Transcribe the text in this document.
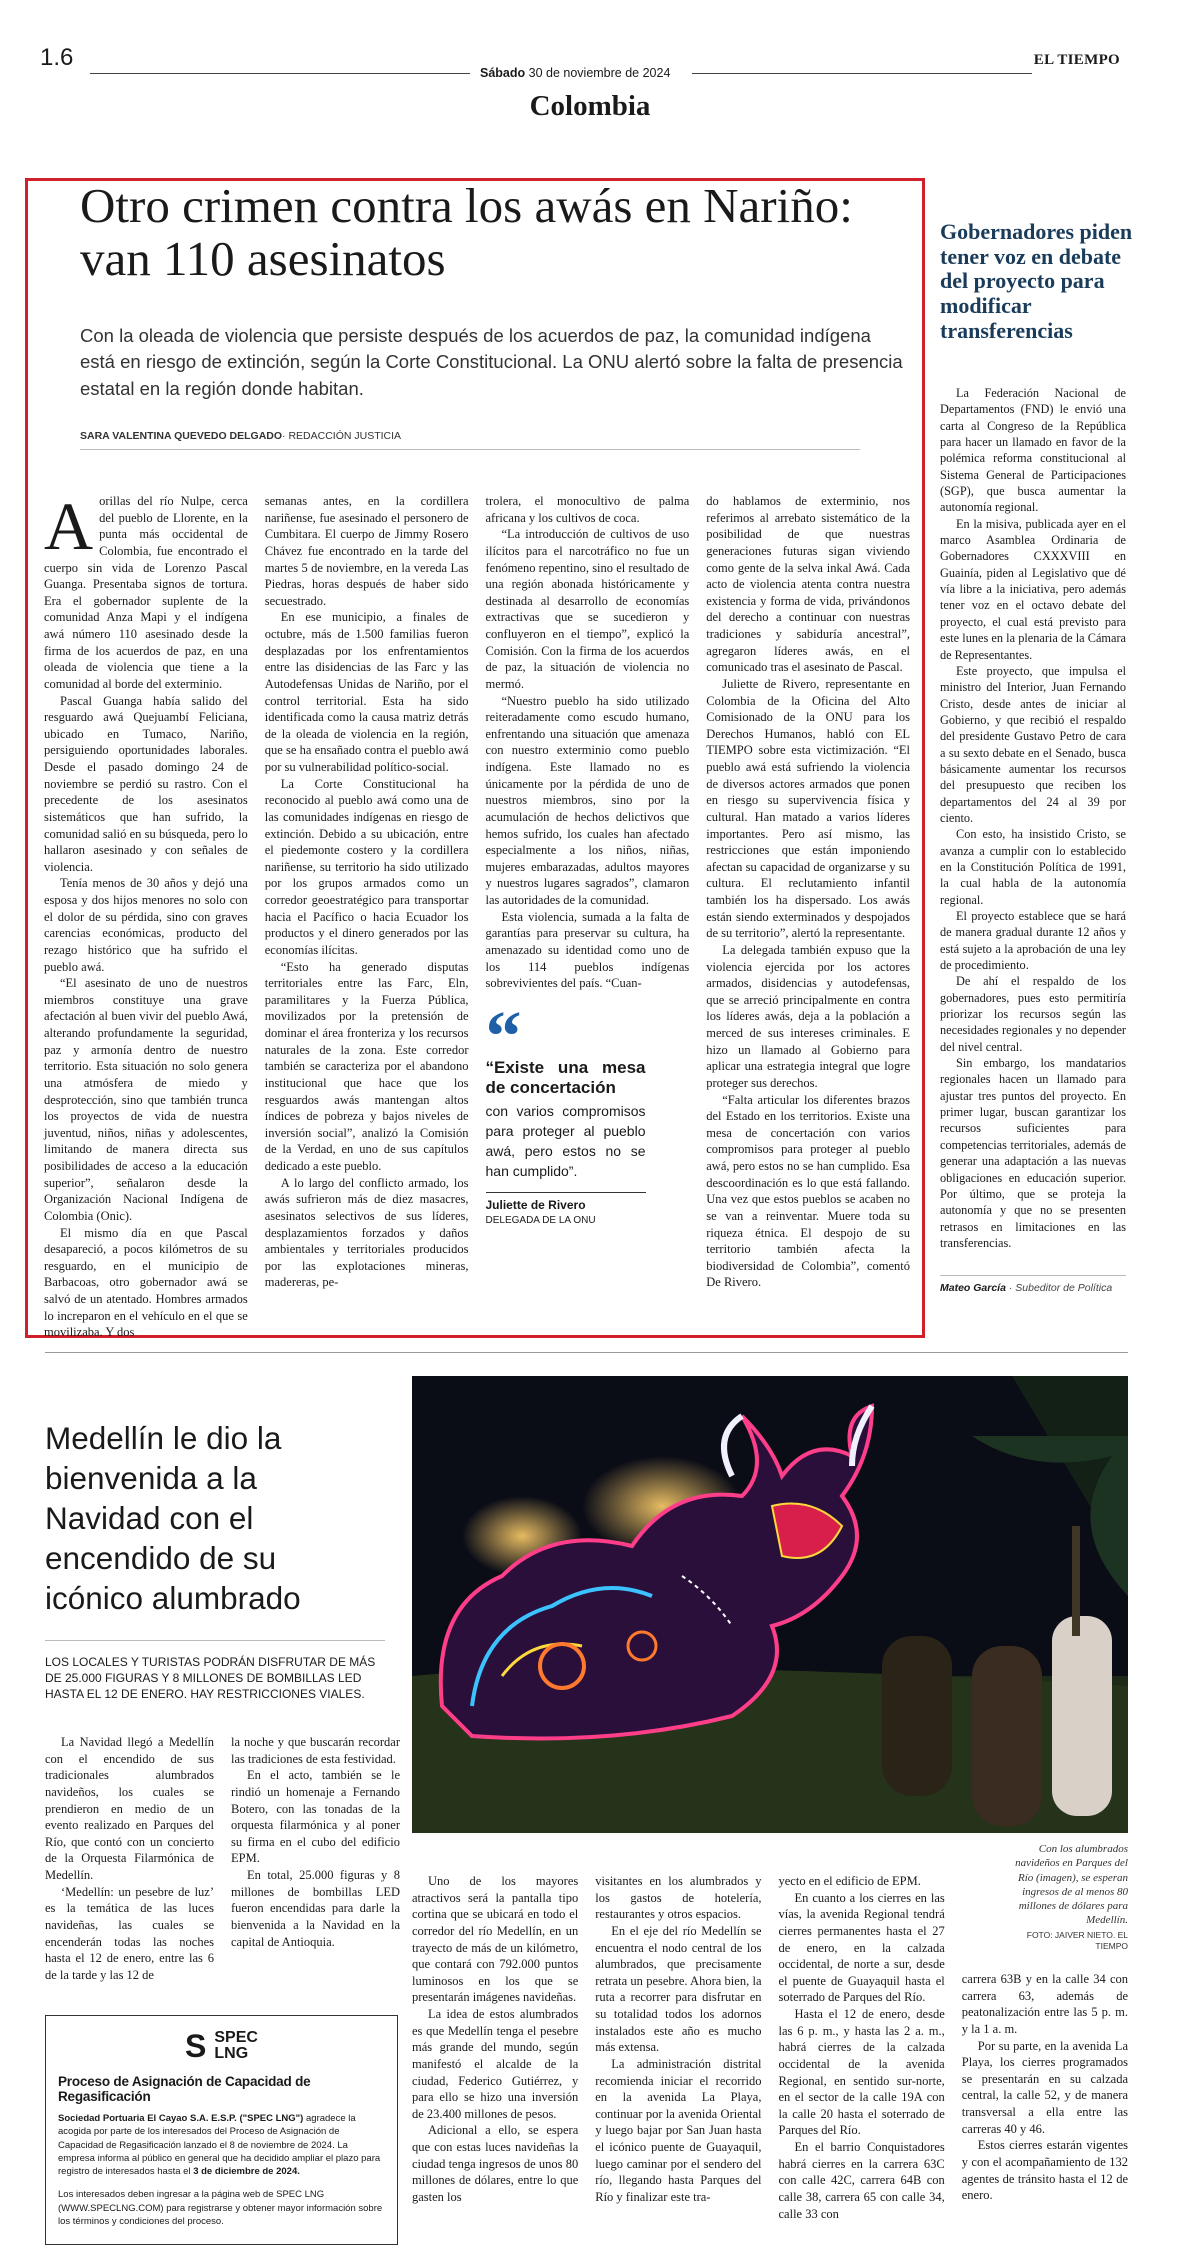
1.6
Sábado 30 de noviembre de 2024
EL TIEMPO
Colombia
Otro crimen contra los awás en Nariño: van 110 asesinatos

Con la oleada de violencia que persiste después de los acuerdos de paz, la comunidad indígena está en riesgo de extinción, según la Corte Constitucional. La ONU alertó sobre la falta de presencia estatal en la región donde habitan.

SARA VALENTINA QUEVEDO DELGADO· REDACCIÓN JUSTICIA

Aorillas del río Nulpe, cerca del pueblo de Llorente, en la punta más occidental de Colombia, fue encontrado el cuerpo sin vida de Lorenzo Pascal Guanga. Presentaba signos de tortura. Era el gobernador suplente de la comunidad Anza Mapi y el indígena awá número 110 asesinado desde la firma de los acuerdos de paz, en una oleada de violencia que tiene a la comunidad al borde del exterminio.

Pascal Guanga había salido del resguardo awá Quejuambí Feliciana, ubicado en Tumaco, Nariño, persiguiendo oportunidades laborales. Desde el pasado domingo 24 de noviembre se perdió su rastro. Con el precedente de los asesinatos sistemáticos que han sufrido, la comunidad salió en su búsqueda, pero lo hallaron asesinado y con señales de violencia.

Tenía menos de 30 años y dejó una esposa y dos hijos menores no solo con el dolor de su pérdida, sino con graves carencias económicas, producto del rezago histórico que ha sufrido el pueblo awá.

“El asesinato de uno de nuestros miembros constituye una grave afectación al buen vivir del pueblo Awá, alterando profundamente la seguridad, paz y armonía dentro de nuestro territorio. Esta situación no solo genera una atmósfera de miedo y desprotección, sino que también trunca los proyectos de vida de nuestra juventud, niños, niñas y adolescentes, limitando de manera directa sus posibilidades de acceso a la educación superior”, señalaron desde la Organización Nacional Indígena de Colombia (Onic).

El mismo día en que Pascal desapareció, a pocos kilómetros de su resguardo, en el municipio de Barbacoas, otro gobernador awá se salvó de un atentado. Hombres armados lo increparon en el vehículo en el que se movilizaba. Y dos

semanas antes, en la cordillera nariñense, fue asesinado el personero de Cumbitara. El cuerpo de Jimmy Rosero Chávez fue encontrado en la tarde del martes 5 de noviembre, en la vereda Las Piedras, horas después de haber sido secuestrado.

En ese municipio, a finales de octubre, más de 1.500 familias fueron desplazadas por los enfrentamientos entre las disidencias de las Farc y las Autodefensas Unidas de Nariño, por el control territorial. Esta ha sido identificada como la causa matriz detrás de la oleada de violencia en la región, que se ha ensañado contra el pueblo awá por su vulnerabilidad político-social.

La Corte Constitucional ha reconocido al pueblo awá como una de las comunidades indígenas en riesgo de extinción. Debido a su ubicación, entre el piedemonte costero y la cordillera nariñense, su territorio ha sido utilizado por los grupos armados como un corredor geoestratégico para transportar hacia el Pacífico o hacia Ecuador los productos y el dinero generados por las economías ilícitas.

“Esto ha generado disputas territoriales entre las Farc, Eln, paramilitares y la Fuerza Pública, movilizados por la pretensión de dominar el área fronteriza y los recursos naturales de la zona. Este corredor también se caracteriza por el abandono institucional que hace que los resguardos awás mantengan altos índices de pobreza y bajos niveles de inversión social”, analizó la Comisión de la Verdad, en uno de sus capítulos dedicado a este pueblo.

A lo largo del conflicto armado, los awás sufrieron más de diez masacres, asesinatos selectivos de sus líderes, desplazamientos forzados y daños ambientales y territoriales producidos por las explotaciones mineras, madereras, pe-

trolera, el monocultivo de palma africana y los cultivos de coca.

“La introducción de cultivos de uso ilícitos para el narcotráfico no fue un fenómeno repentino, sino el resultado de una región abonada históricamente y destinada al desarrollo de economías extractivas que se sucedieron y confluyeron en el tiempo”, explicó la Comisión. Con la firma de los acuerdos de paz, la situación de violencia no mermó.

“Nuestro pueblo ha sido utilizado reiteradamente como escudo humano, enfrentando una situación que amenaza con nuestro exterminio como pueblo indígena. Este llamado no es únicamente por la pérdida de uno de nuestros miembros, sino por la acumulación de hechos delictivos que hemos sufrido, los cuales han afectado especialmente a los niños, niñas, mujeres embarazadas, adultos mayores y nuestros lugares sagrados”, clamaron las autoridades de la comunidad.

Esta violencia, sumada a la falta de garantías para preservar su cultura, ha amenazado su identidad como uno de los 114 pueblos indígenas sobrevivientes del país. “Cuan-

“
“Existe una mesa de concertación
con varios compromisos para proteger al pueblo awá, pero estos no se han cumplido”.
Juliette de Rivero
DELEGADA DE LA ONU

do hablamos de exterminio, nos referimos al arrebato sistemático de la posibilidad de que nuestras generaciones futuras sigan viviendo como gente de la selva inkal Awá. Cada acto de violencia atenta contra nuestra existencia y forma de vida, privándonos del derecho a continuar con nuestras tradiciones y sabiduría ancestral”, agregaron líderes awás, en el comunicado tras el asesinato de Pascal.

Juliette de Rivero, representante en Colombia de la Oficina del Alto Comisionado de la ONU para los Derechos Humanos, habló con EL TIEMPO sobre esta victimización. “El pueblo awá está sufriendo la violencia de diversos actores armados que ponen en riesgo su supervivencia física y cultural. Han matado a varios líderes importantes. Pero así mismo, las restricciones que están imponiendo afectan su capacidad de organizarse y su cultura. El reclutamiento infantil también los ha dispersado. Los awás están siendo exterminados y despojados de su territorio”, alertó la representante.

La delegada también expuso que la violencia ejercida por los actores armados, disidencias y autodefensas, que se arreció principalmente en contra los líderes awás, deja a la población a merced de sus intereses criminales. E hizo un llamado al Gobierno para aplicar una estrategia integral que logre proteger sus derechos.

“Falta articular los diferentes brazos del Estado en los territorios. Existe una mesa de concertación con varios compromisos para proteger al pueblo awá, pero estos no se han cumplido. Esa descoordinación es lo que está fallando. Una vez que estos pueblos se acaben no se van a reinventar. Muere toda su riqueza étnica. El despojo de su territorio también afecta la biodiversidad de Colombia”, comentó De Rivero.

Gobernadores piden tener voz en debate del proyecto para modificar transferencias

La Federación Nacional de Departamentos (FND) le envió una carta al Congreso de la República para hacer un llamado en favor de la polémica reforma constitucional al Sistema General de Participaciones (SGP), que busca aumentar la autonomía regional.

En la misiva, publicada ayer en el marco Asamblea Ordinaria de Gobernadores CXXXVIII en Guainía, piden al Legislativo que dé vía libre a la iniciativa, pero además tener voz en el octavo debate del proyecto, el cual está previsto para este lunes en la plenaria de la Cámara de Representantes.

Este proyecto, que impulsa el ministro del Interior, Juan Fernando Cristo, desde antes de iniciar al Gobierno, y que recibió el respaldo del presidente Gustavo Petro de cara a su sexto debate en el Senado, busca básicamente aumentar los recursos del presupuesto que reciben los departamentos del 24 al 39 por ciento.

Con esto, ha insistido Cristo, se avanza a cumplir con lo establecido en la Constitución Política de 1991, la cual habla de la autonomía regional.

El proyecto establece que se hará de manera gradual durante 12 años y está sujeto a la aprobación de una ley de procedimiento.

De ahí el respaldo de los gobernadores, pues esto permitiría priorizar los recursos según las necesidades regionales y no depender del nivel central.

Sin embargo, los mandatarios regionales hacen un llamado para ajustar tres puntos del proyecto. En primer lugar, buscan garantizar los recursos suficientes para competencias territoriales, además de generar una adaptación a las nuevas obligaciones en educación superior. Por último, que se proteja la autonomía y que no se presenten retrasos en limitaciones en las transferencias.

Mateo García · Subeditor de Política
Medellín le dio la bienvenida a la Navidad con el encendido de su icónico alumbrado

LOS LOCALES Y TURISTAS PODRÁN DISFRUTAR DE MÁS DE 25.000 FIGURAS Y 8 MILLONES DE BOMBILLAS LED HASTA EL 12 DE ENERO. HAY RESTRICCIONES VIALES.

Con los alumbrados navideños en Parques del Río (imagen), se esperan ingresos de al menos 80 millones de dólares para Medellín.
FOTO: JAIVER NIETO. EL TIEMPO

La Navidad llegó a Medellín con el encendido de sus tradicionales alumbrados navideños, los cuales se prendieron en medio de un evento realizado en Parques del Río, que contó con un concierto de la Orquesta Filarmónica de Medellín.

‘Medellín: un pesebre de luz’ es la temática de las luces navideñas, las cuales se encenderán todas las noches hasta el 12 de enero, entre las 6 de la tarde y las 12 de

la noche y que buscarán recordar las tradiciones de esta festividad.

En el acto, también se le rindió un homenaje a Fernando Botero, con las tonadas de la orquesta filarmónica y al poner su firma en el cubo del edificio EPM.

En total, 25.000 figuras y 8 millones de bombillas LED fueron encendidas para darle la bienvenida a la Navidad en la capital de Antioquia.

Uno de los mayores atractivos será la pantalla tipo cortina que se ubicará en todo el corredor del río Medellín, en un trayecto de más de un kilómetro, que contará con 792.000 puntos luminosos en los que se presentarán imágenes navideñas.

La idea de estos alumbrados es que Medellín tenga el pesebre más grande del mundo, según manifestó el alcalde de la ciudad, Federico Gutiérrez, y para ello se hizo una inversión de 23.400 millones de pesos.

Adicional a ello, se espera que con estas luces navideñas la ciudad tenga ingresos de unos 80 millones de dólares, entre lo que gasten los

visitantes en los alumbrados y los gastos de hotelería, restaurantes y otros espacios.

En el eje del río Medellín se encuentra el nodo central de los alumbrados, que precisamente retrata un pesebre. Ahora bien, la ruta a recorrer para disfrutar en su totalidad todos los adornos instalados este año es mucho más extensa.

La administración distrital recomienda iniciar el recorrido en la avenida La Playa, continuar por la avenida Oriental y luego bajar por San Juan hasta el icónico puente de Guayaquil, luego caminar por el sendero del río, llegando hasta Parques del Río y finalizar este tra-

yecto en el edificio de EPM.

En cuanto a los cierres en las vías, la avenida Regional tendrá cierres permanentes hasta el 27 de enero, en la calzada occidental, de norte a sur, desde el puente de Guayaquil hasta el soterrado de Parques del Río.

Hasta el 12 de enero, desde las 6 p. m., y hasta las 2 a. m., habrá cierres de la calzada occidental de la avenida Regional, en sentido sur-norte, en el sector de la calle 19A con la calle 20 hasta el soterrado de Parques del Río.

En el barrio Conquistadores habrá cierres en la carrera 63C con calle 42C, carrera 64B con calle 38, carrera 65 con calle 34, calle 33 con

carrera 63B y en la calle 34 con carrera 63, además de peatonalización entre las 5 p. m. y la 1 a. m.

Por su parte, en la avenida La Playa, los cierres programados se presentarán en su calzada central, la calle 52, y de manera transversal a ella entre las carreras 40 y 46.

Estos cierres estarán vigentes y con el acompañamiento de 132 agentes de tránsito hasta el 12 de enero.

S SPEC
LNG
Proceso de Asignación de Capacidad de Regasificación
Sociedad Portuaria El Cayao S.A. E.S.P. ("SPEC LNG") agradece la acogida por parte de los interesados del Proceso de Asignación de Capacidad de Regasificación lanzado el 8 de noviembre de 2024. La empresa informa al público en general que ha decidido ampliar el plazo para registro de interesados hasta el 3 de diciembre de 2024.
Los interesados deben ingresar a la página web de SPEC LNG (WWW.SPECLNG.COM) para registrarse y obtener mayor información sobre los términos y condiciones del proceso.
